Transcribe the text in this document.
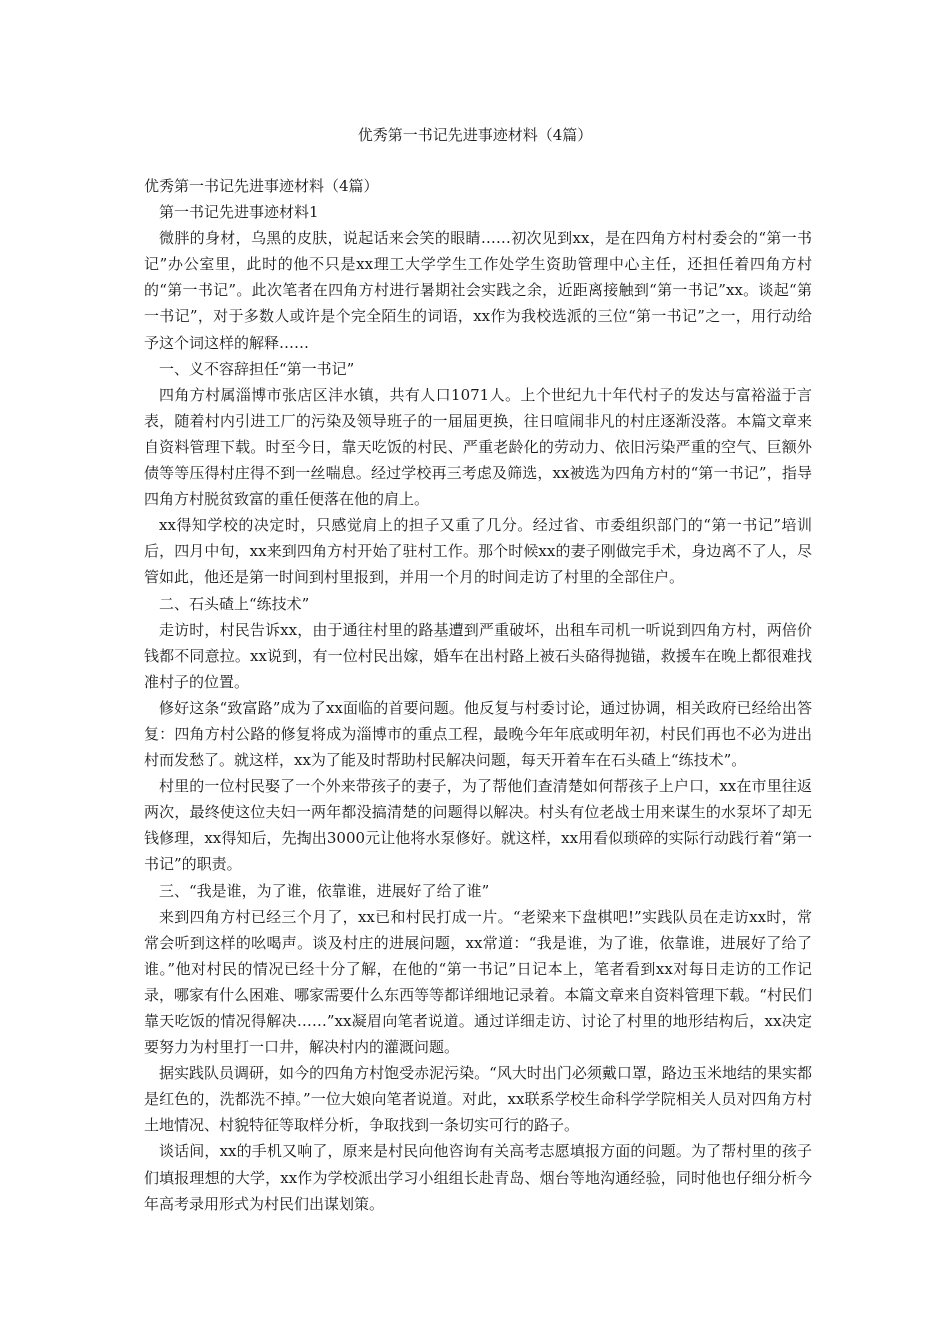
优秀第一书记先进事迹材料（4篇）

优秀第一书记先进事迹材料（4篇）

第一书记先进事迹材料1

微胖的身材，乌黑的皮肤，说起话来会笑的眼睛……初次见到xx，是在四角方村村委会的“第一书记”办公室里，此时的他不只是xx理工大学学生工作处学生资助管理中心主任，还担任着四角方村的“第一书记”。此次笔者在四角方村进行暑期社会实践之余，近距离接触到“第一书记”xx。谈起“第一书记”，对于多数人或许是个完全陌生的词语，xx作为我校选派的三位“第一书记”之一，用行动给予这个词这样的解释……

一、义不容辞担任“第一书记”

四角方村属淄博市张店区沣水镇，共有人口1071人。上个世纪九十年代村子的发达与富裕溢于言表，随着村内引进工厂的污染及领导班子的一届届更换，往日喧闹非凡的村庄逐渐没落。本篇文章来自资料管理下载。时至今日，靠天吃饭的村民、严重老龄化的劳动力、依旧污染严重的空气、巨额外债等等压得村庄得不到一丝喘息。经过学校再三考虑及筛选，xx被选为四角方村的“第一书记”，指导四角方村脱贫致富的重任便落在他的肩上。

xx得知学校的决定时，只感觉肩上的担子又重了几分。经过省、市委组织部门的“第一书记”培训后，四月中旬，xx来到四角方村开始了驻村工作。那个时候xx的妻子刚做完手术，身边离不了人，尽管如此，他还是第一时间到村里报到，并用一个月的时间走访了村里的全部住户。

二、石头碴上“练技术”

走访时，村民告诉xx，由于通往村里的路基遭到严重破坏，出租车司机一听说到四角方村，两倍价钱都不同意拉。xx说到，有一位村民出嫁，婚车在出村路上被石头硌得抛锚，救援车在晚上都很难找准村子的位置。

修好这条“致富路”成为了xx面临的首要问题。他反复与村委讨论，通过协调，相关政府已经给出答复：四角方村公路的修复将成为淄博市的重点工程，最晚今年年底或明年初，村民们再也不必为进出村而发愁了。就这样，xx为了能及时帮助村民解决问题，每天开着车在石头碴上“练技术”。

村里的一位村民娶了一个外来带孩子的妻子，为了帮他们查清楚如何帮孩子上户口，xx在市里往返两次，最终使这位夫妇一两年都没搞清楚的问题得以解决。村头有位老战士用来谋生的水泵坏了却无钱修理，xx得知后，先掏出3000元让他将水泵修好。就这样，xx用看似琐碎的实际行动践行着“第一书记”的职责。

三、“我是谁，为了谁，依靠谁，进展好了给了谁”

来到四角方村已经三个月了，xx已和村民打成一片。“老梁来下盘棋吧!”实践队员在走访xx时，常常会听到这样的吆喝声。谈及村庄的进展问题，xx常道：“我是谁，为了谁，依靠谁，进展好了给了谁。”他对村民的情况已经十分了解，在他的“第一书记”日记本上，笔者看到xx对每日走访的工作记录，哪家有什么困难、哪家需要什么东西等等都详细地记录着。本篇文章来自资料管理下载。“村民们靠天吃饭的情况得解决……”xx凝眉向笔者说道。通过详细走访、讨论了村里的地形结构后，xx决定要努力为村里打一口井，解决村内的灌溉问题。

据实践队员调研，如今的四角方村饱受赤泥污染。“风大时出门必须戴口罩，路边玉米地结的果实都是红色的，洗都洗不掉。”一位大娘向笔者说道。对此，xx联系学校生命科学学院相关人员对四角方村土地情况、村貌特征等取样分析，争取找到一条切实可行的路子。

谈话间，xx的手机又响了，原来是村民向他咨询有关高考志愿填报方面的问题。为了帮村里的孩子们填报理想的大学，xx作为学校派出学习小组组长赴青岛、烟台等地沟通经验，同时他也仔细分析今年高考录用形式为村民们出谋划策。
